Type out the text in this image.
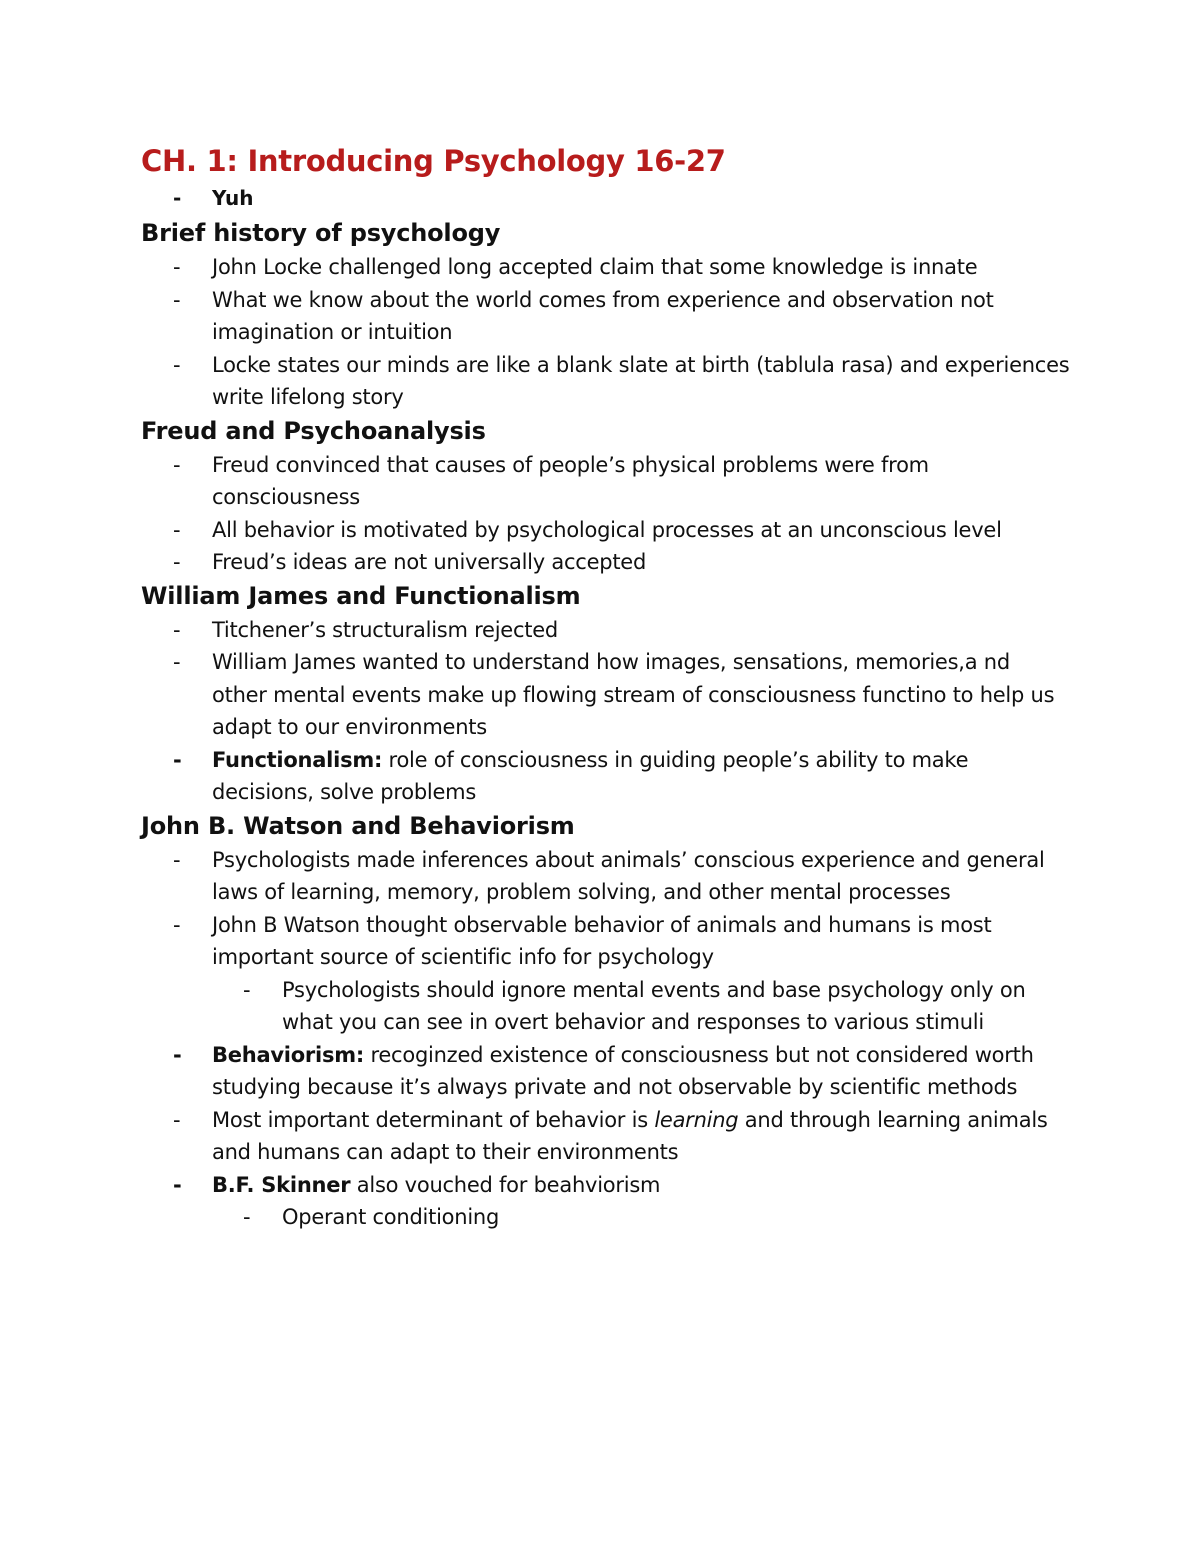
CH. 1: Introducing Psychology 16-27
- Yuh
Brief history of psychology
- John Locke challenged long accepted claim that some knowledge is innate
- What we know about the world comes from experience and observation not imagination or intuition
- Locke states our minds are like a blank slate at birth (tablula rasa) and experiences write lifelong story
Freud and Psychoanalysis
- Freud convinced that causes of people’s physical problems were from consciousness
- All behavior is motivated by psychological processes at an unconscious level
- Freud’s ideas are not universally accepted
William James and Functionalism
- Titchener’s structuralism rejected
- William James wanted to understand how images, sensations, memories,a nd other mental events make up flowing stream of consciousness functino to help us adapt to our environments
- Functionalism: role of consciousness in guiding people’s ability to make decisions, solve problems
John B. Watson and Behaviorism
- Psychologists made inferences about animals’ conscious experience and general laws of learning, memory, problem solving, and other mental processes
- John B Watson thought observable behavior of animals and humans is most important source of scientific info for psychology
- Psychologists should ignore mental events and base psychology only on what you can see in overt behavior and responses to various stimuli
- Behaviorism: recoginzed existence of consciousness but not considered worth studying because it’s always private and not observable by scientific methods
- Most important determinant of behavior is learning and through learning animals and humans can adapt to their environments
- B.F. Skinner also vouched for beahviorism
- Operant conditioning
